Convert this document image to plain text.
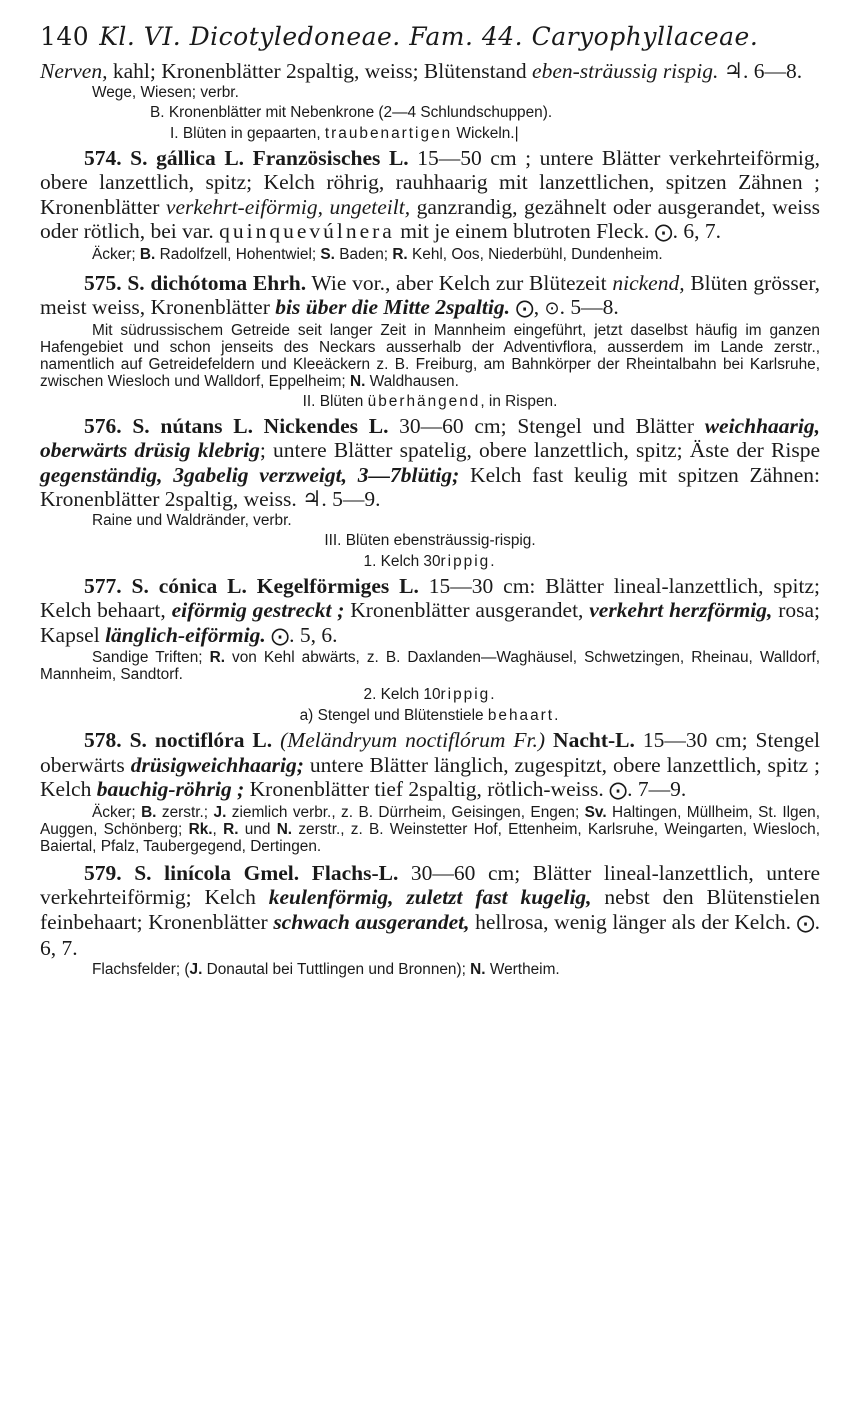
140 Kl. VI. Dicotyledoneae. Fam. 44. Caryophyllaceae.

Nerven, kahl; Kronenblätter 2spaltig, weiss; Blütenstand eben-sträussig rispig. ♃. 6—8.

Wege, Wiesen; verbr.

B. Kronenblätter mit Nebenkrone (2—4 Schlundschuppen).
I. Blüten in gepaarten, traubenartigen Wickeln.|

574. S. gállica L. Französisches L. 15—50 cm ; untere Blätter verkehrteiförmig, obere lanzettlich, spitz; Kelch röhrig, rauhhaarig mit lanzettlichen, spitzen Zähnen ; Kronenblätter verkehrt-eiförmig, ungeteilt, ganzrandig, gezähnelt oder ausgerandet, weiss oder rötlich, bei var. quinquevúlnera mit je einem blutroten Fleck. ⨀. 6, 7.

Äcker; B. Radolfzell, Hohentwiel; S. Baden; R. Kehl, Oos, Niederbühl, Dundenheim.

575. S. dichótoma Ehrh. Wie vor., aber Kelch zur Blütezeit nickend, Blüten grösser, meist weiss, Kronenblätter bis über die Mitte 2spaltig. ⨀, ⊙. 5—8.

Mit südrussischem Getreide seit langer Zeit in Mannheim eingeführt, jetzt daselbst häufig im ganzen Hafengebiet und schon jenseits des Neckars ausserhalb der Adventivflora, ausserdem im Lande zerstr., namentlich auf Getreidefeldern und Kleeäckern z. B. Freiburg, am Bahnkörper der Rheintalbahn bei Karlsruhe, zwischen Wiesloch und Walldorf, Eppelheim; N. Waldhausen.

II. Blüten überhängend, in Rispen.

576. S. nútans L. Nickendes L. 30—60 cm; Stengel und Blätter weichhaarig, oberwärts drüsig klebrig; untere Blätter spatelig, obere lanzettlich, spitz; Äste der Rispe gegenständig, 3gabelig verzweigt, 3—7blütig; Kelch fast keulig mit spitzen Zähnen: Kronenblätter 2spaltig, weiss. ♃. 5—9.

Raine und Waldränder, verbr.

III. Blüten ebensträussig-rispig.
1. Kelch 30rippig.

577. S. cónica L. Kegelförmiges L. 15—30 cm: Blätter lineal-lanzettlich, spitz; Kelch behaart, eiförmig gestreckt ; Kronenblätter ausgerandet, verkehrt herzförmig, rosa; Kapsel länglich-eiförmig. ⨀. 5, 6.

Sandige Triften; R. von Kehl abwärts, z. B. Daxlanden—Waghäusel, Schwetzingen, Rheinau, Walldorf, Mannheim, Sandtorf.

2. Kelch 10rippig.
a) Stengel und Blütenstiele behaart.

578. S. noctiflóra L. (Meländryum noctiflórum Fr.) Nacht-L. 15—30 cm; Stengel oberwärts drüsigweichhaarig; untere Blätter länglich, zugespitzt, obere lanzettlich, spitz ; Kelch bauchig-röhrig ; Kronenblätter tief 2spaltig, rötlich-weiss. ⨀. 7—9.

Äcker; B. zerstr.; J. ziemlich verbr., z. B. Dürrheim, Geisingen, Engen; Sv. Haltingen, Müllheim, St. Ilgen, Auggen, Schönberg; Rk., R. und N. zerstr., z. B. Weinstetter Hof, Ettenheim, Karlsruhe, Weingarten, Wiesloch, Baiertal, Pfalz, Taubergegend, Dertingen.

579. S. linícola Gmel. Flachs-L. 30—60 cm; Blätter lineal-lanzettlich, untere verkehrteiförmig; Kelch keulenförmig, zuletzt fast kugelig, nebst den Blütenstielen feinbehaart; Kronenblätter schwach ausgerandet, hellrosa, wenig länger als der Kelch. ⨀. 6, 7.

Flachsfelder; (J. Donautal bei Tuttlingen und Bronnen); N. Wertheim.
